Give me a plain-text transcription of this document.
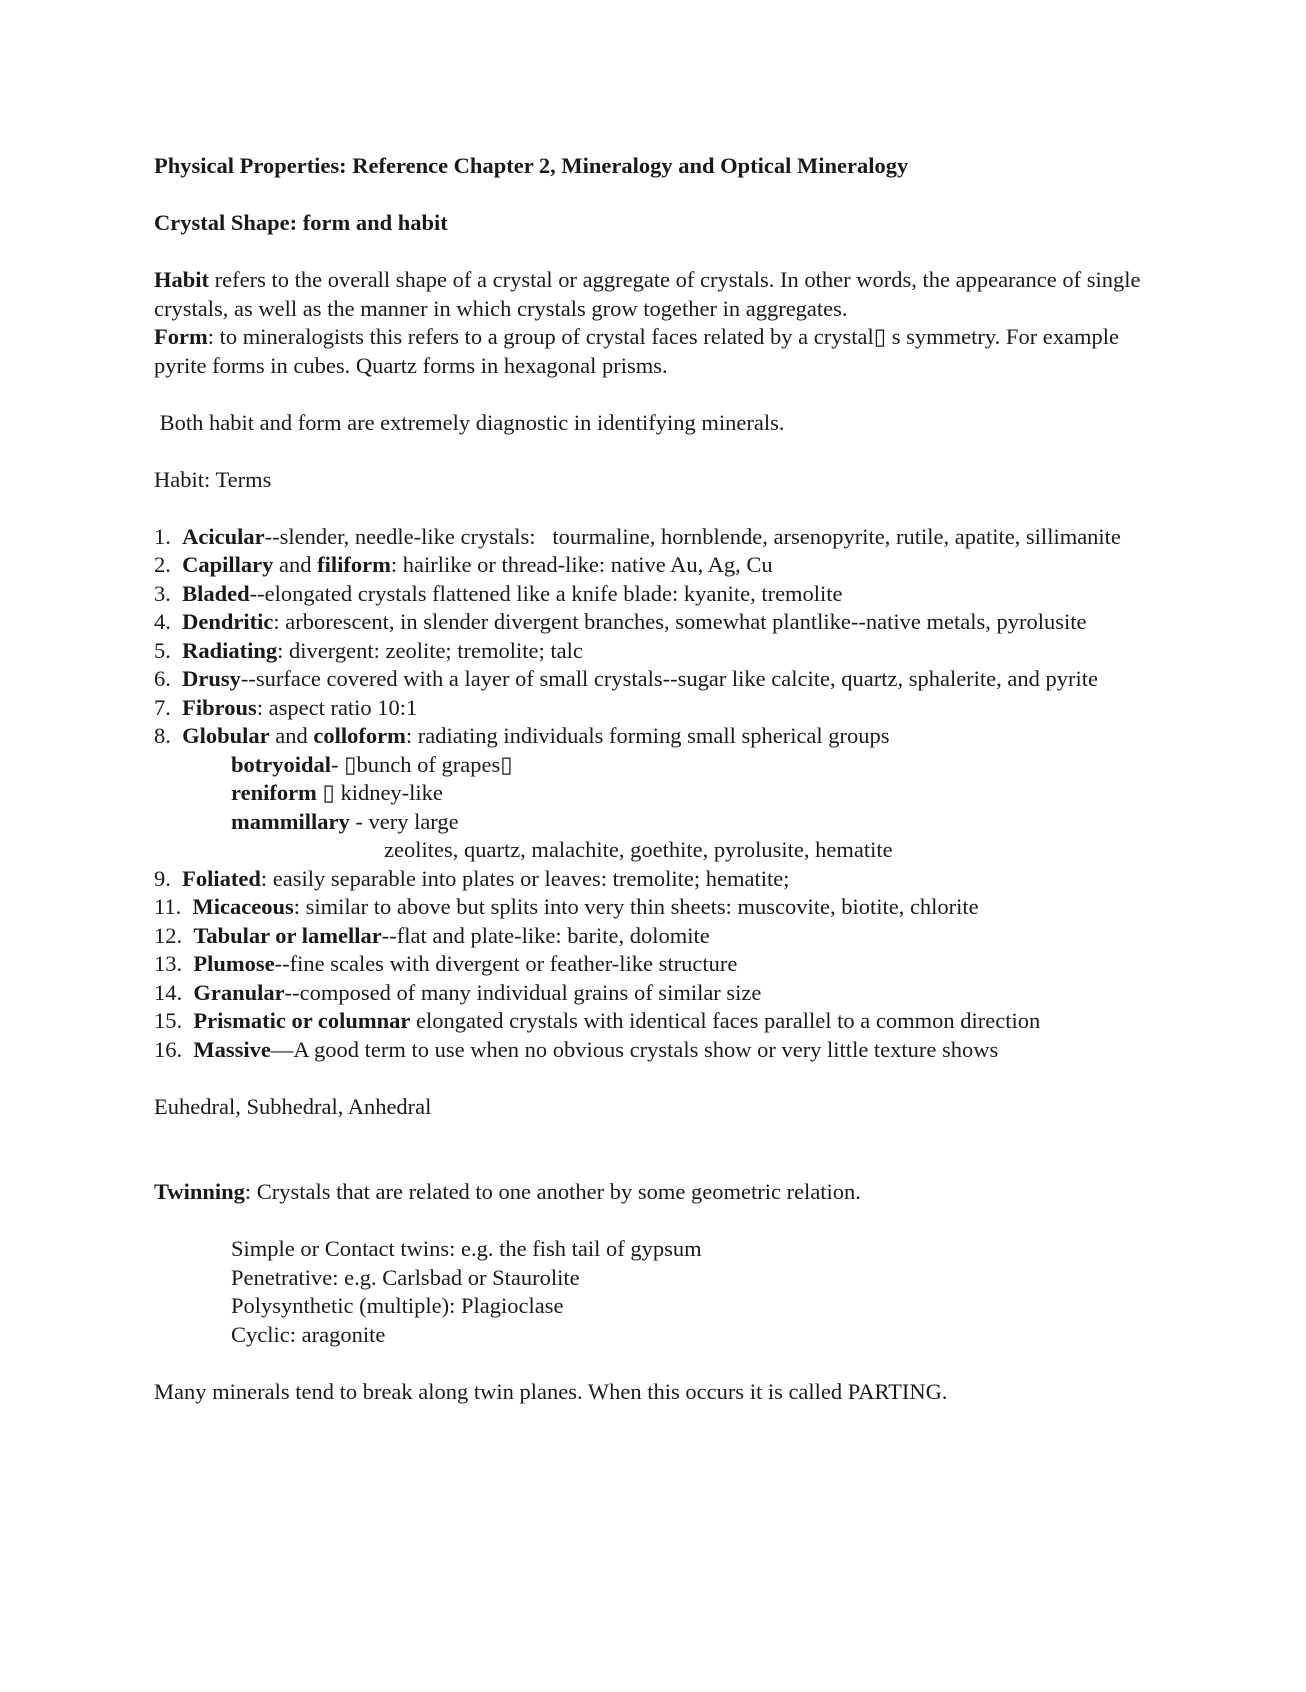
Physical Properties: Reference Chapter 2, Mineralogy and Optical Mineralogy

Crystal Shape: form and habit

Habit refers to the overall shape of a crystal or aggregate of crystals. In other words, the appearance of single crystals, as well as the manner in which crystals grow together in aggregates.

Form: to mineralogists this refers to a group of crystal faces related by a crystal▯ s symmetry. For example pyrite forms in cubes. Quartz forms in hexagonal prisms.

Both habit and form are extremely diagnostic in identifying minerals.

Habit: Terms

1. Acicular--slender, needle-like crystals:   tourmaline, hornblende, arsenopyrite, rutile, apatite, sillimanite

2. Capillary and filiform: hairlike or thread-like: native Au, Ag, Cu

3. Bladed--elongated crystals flattened like a knife blade: kyanite, tremolite

4. Dendritic: arborescent, in slender divergent branches, somewhat plantlike--native metals, pyrolusite

5. Radiating: divergent: zeolite; tremolite; talc

6. Drusy--surface covered with a layer of small crystals--sugar like calcite, quartz, sphalerite, and pyrite

7. Fibrous: aspect ratio 10:1

8. Globular and colloform: radiating individuals forming small spherical groups

botryoidal- ▯bunch of grapes▯

reniform ▯ kidney-like

mammillary - very large

zeolites, quartz, malachite, goethite, pyrolusite, hematite

9. Foliated: easily separable into plates or leaves: tremolite; hematite;

11. Micaceous: similar to above but splits into very thin sheets: muscovite, biotite, chlorite

12. Tabular or lamellar--flat and plate-like: barite, dolomite

13. Plumose--fine scales with divergent or feather-like structure

14. Granular--composed of many individual grains of similar size

15. Prismatic or columnar elongated crystals with identical faces parallel to a common direction

16. Massive—A good term to use when no obvious crystals show or very little texture shows

Euhedral, Subhedral, Anhedral

Twinning: Crystals that are related to one another by some geometric relation.

Simple or Contact twins: e.g. the fish tail of gypsum

Penetrative: e.g. Carlsbad or Staurolite

Polysynthetic (multiple): Plagioclase

Cyclic: aragonite

Many minerals tend to break along twin planes. When this occurs it is called PARTING.
